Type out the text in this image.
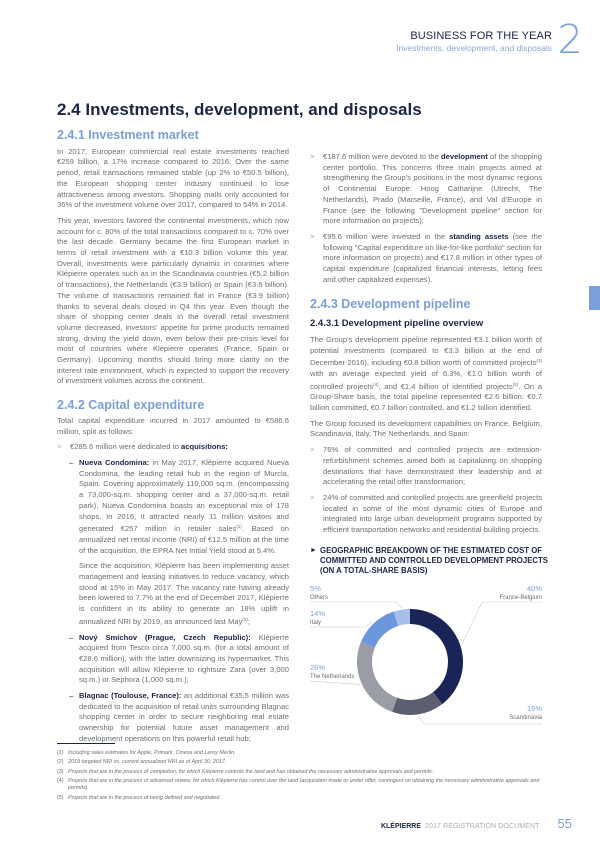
BUSINESS FOR THE YEAR
Investments, development, and disposals 2
2.4 Investments, development, and disposals
2.4.1 Investment market

In 2017, European commercial real estate investments reached €259 billion, a 17% increase compared to 2016. Over the same period, retail transactions remained stable (up 2% to €50.5 billion), the European shopping center industry continued to lose attractiveness among investors. Shopping malls only accounted for 36% of the investment volume over 2017, compared to 54% in 2014.

This year, investors favored the continental investments, which now account for c. 80% of the total transactions compared to c. 70% over the last decade. Germany became the first European market in terms of retail investment with a €10.3 billion volume this year. Overall, investments were particularly dynamic in countries where Klépierre operates such as in the Scandinavia countries (€5.2 billion of transactions), the Netherlands (€3.9 billion) or Spain (€3.6 billion). The volume of transactions remained flat in France (€3.9 billion) thanks to several deals closed in Q4 this year. Even though the share of shopping center deals in the overall retail investment volume decreased, investors' appetite for prime products remained strong, driving the yield down, even below their pre-crisis level for most of countries where Klépierre operates (France, Spain or Germany). Upcoming months should bring more clarity on the interest rate environment, which is expected to support the recovery of investment volumes across the continent.

2.4.2 Capital expenditure

Total capital expenditure incurred in 2017 amounted to €586.6 million, split as follows:

> €285.6 million were dedicated to acquisitions:
– Nueva Condomina: in May 2017, Klépierre acquired Nueva Condomina, the leading retail hub in the region of Murcia, Spain. Covering approximately 110,000 sq.m. (encompassing a 73,000-sq.m. shopping center and a 37,000-sq.m. retail park), Nueva Condomina boasts an exceptional mix of 178 shops. In 2016, it attracted nearly 11 million visitors and generated €257 million in retailer sales$^{(1)}$. Based on annualized net rental income (NRI) of €12.5 million at the time of the acquisition, the EPRA Net Initial Yield stood at 5.4%.
Since the acquisition, Klépierre has been implementing asset management and leasing initiatives to reduce vacancy, which stood at 15% in May 2017. The vacancy rate having already been lowered to 7.7% at the end of December 2017, Klépierre is confident in its ability to generate an 18% uplift in annualized NRI by 2019, as announced last May$^{(2)}$;
– Nový Smíchov (Prague, Czech Republic): Klépierre acquired from Tesco circa 7,000 sq.m. (for a total amount of €28.6 million), with the latter downsizing its hypermarket. This acquisition will allow Klépierre to rightsize Zara (over 3,000 sq.m.) or Sephora (1,000 sq.m.);
– Blagnac (Toulouse, France): an additional €35.5 million was dedicated to the acquisition of retail units surrounding Blagnac shopping center in order to secure neighboring real estate ownership for potential future asset management and development operations on this powerful retail hub;
> €187.6 million were devoted to the development of the shopping center portfolio. This concerns three main projects aimed at strengthening the Group's positions in the most dynamic regions of Continental Europe: Hoog Catharijne (Utrecht, The Netherlands), Prado (Marseille, France), and Val d'Europe in France (see the following "Development pipeline" section for more information on projects);
> €95.6 million were invested in the standing assets (see the following "Capital expenditure on like-for-like portfolio" section for more information on projects) and €17.8 million in other types of capital expenditure (capitalized financial interests, letting fees and other capitalized expenses).
2.4.3 Development pipeline
2.4.3.1 Development pipeline overview

The Group's development pipeline represented €3.1 billion worth of potential investments (compared to €3.3 billion at the end of December 2016), including €0.8 billion worth of committed projects$^{(3)}$ with an average expected yield of 6.3%, €1.0 billion worth of controlled projects$^{(4)}$, and €1.4 billion of identified projects$^{(5)}$. On a Group-Share basis, the total pipeline represented €2.6 billion: €0.7 billion committed, €0.7 billion controlled, and €1.2 billion identified.

The Group focused its development capabilities on France, Belgium, Scandinavia, Italy, The Netherlands, and Spain:

> 76% of committed and controlled projects are extension-refurbishment schemes aimed both at capitalizing on shopping destinations that have demonstrated their leadership and at accelerating the retail offer transformation;
> 24% of committed and controlled projects are greenfield projects located in some of the most dynamic cities of Europe and integrated into large urban development programs supported by efficient transportation networks and residential building projects.
► GEOGRAPHIC BREAKDOWN OF THE ESTIMATED COST OF COMMITTED AND CONTROLLED DEVELOPMENT PROJECTS (ON A TOTAL-SHARE BASIS)
5%
Others
40%
France-Belgium
14%
Italy
26%
The Netherlands
16%
Scandinavia
(1) Including sales estimates for Apple, Primark, Cinesa and Leroy Merlin.
(2) 2019 targeted NRI vs. current annualized NRI as of April 30, 2017.
(3) Projects that are in the process of completion, for which Klépierre controls the land and has obtained the necessary administrative approvals and permits.
(4) Projects that are in the process of advanced review, for which Klépierre has control over the land (acquisition made or under offer, contingent on obtaining the necessary administrative approvals and permits).
(5) Projects that are in the process of being defined and negotiated.
KLÉPIERRE 2017 REGISTRATION DOCUMENT 55
